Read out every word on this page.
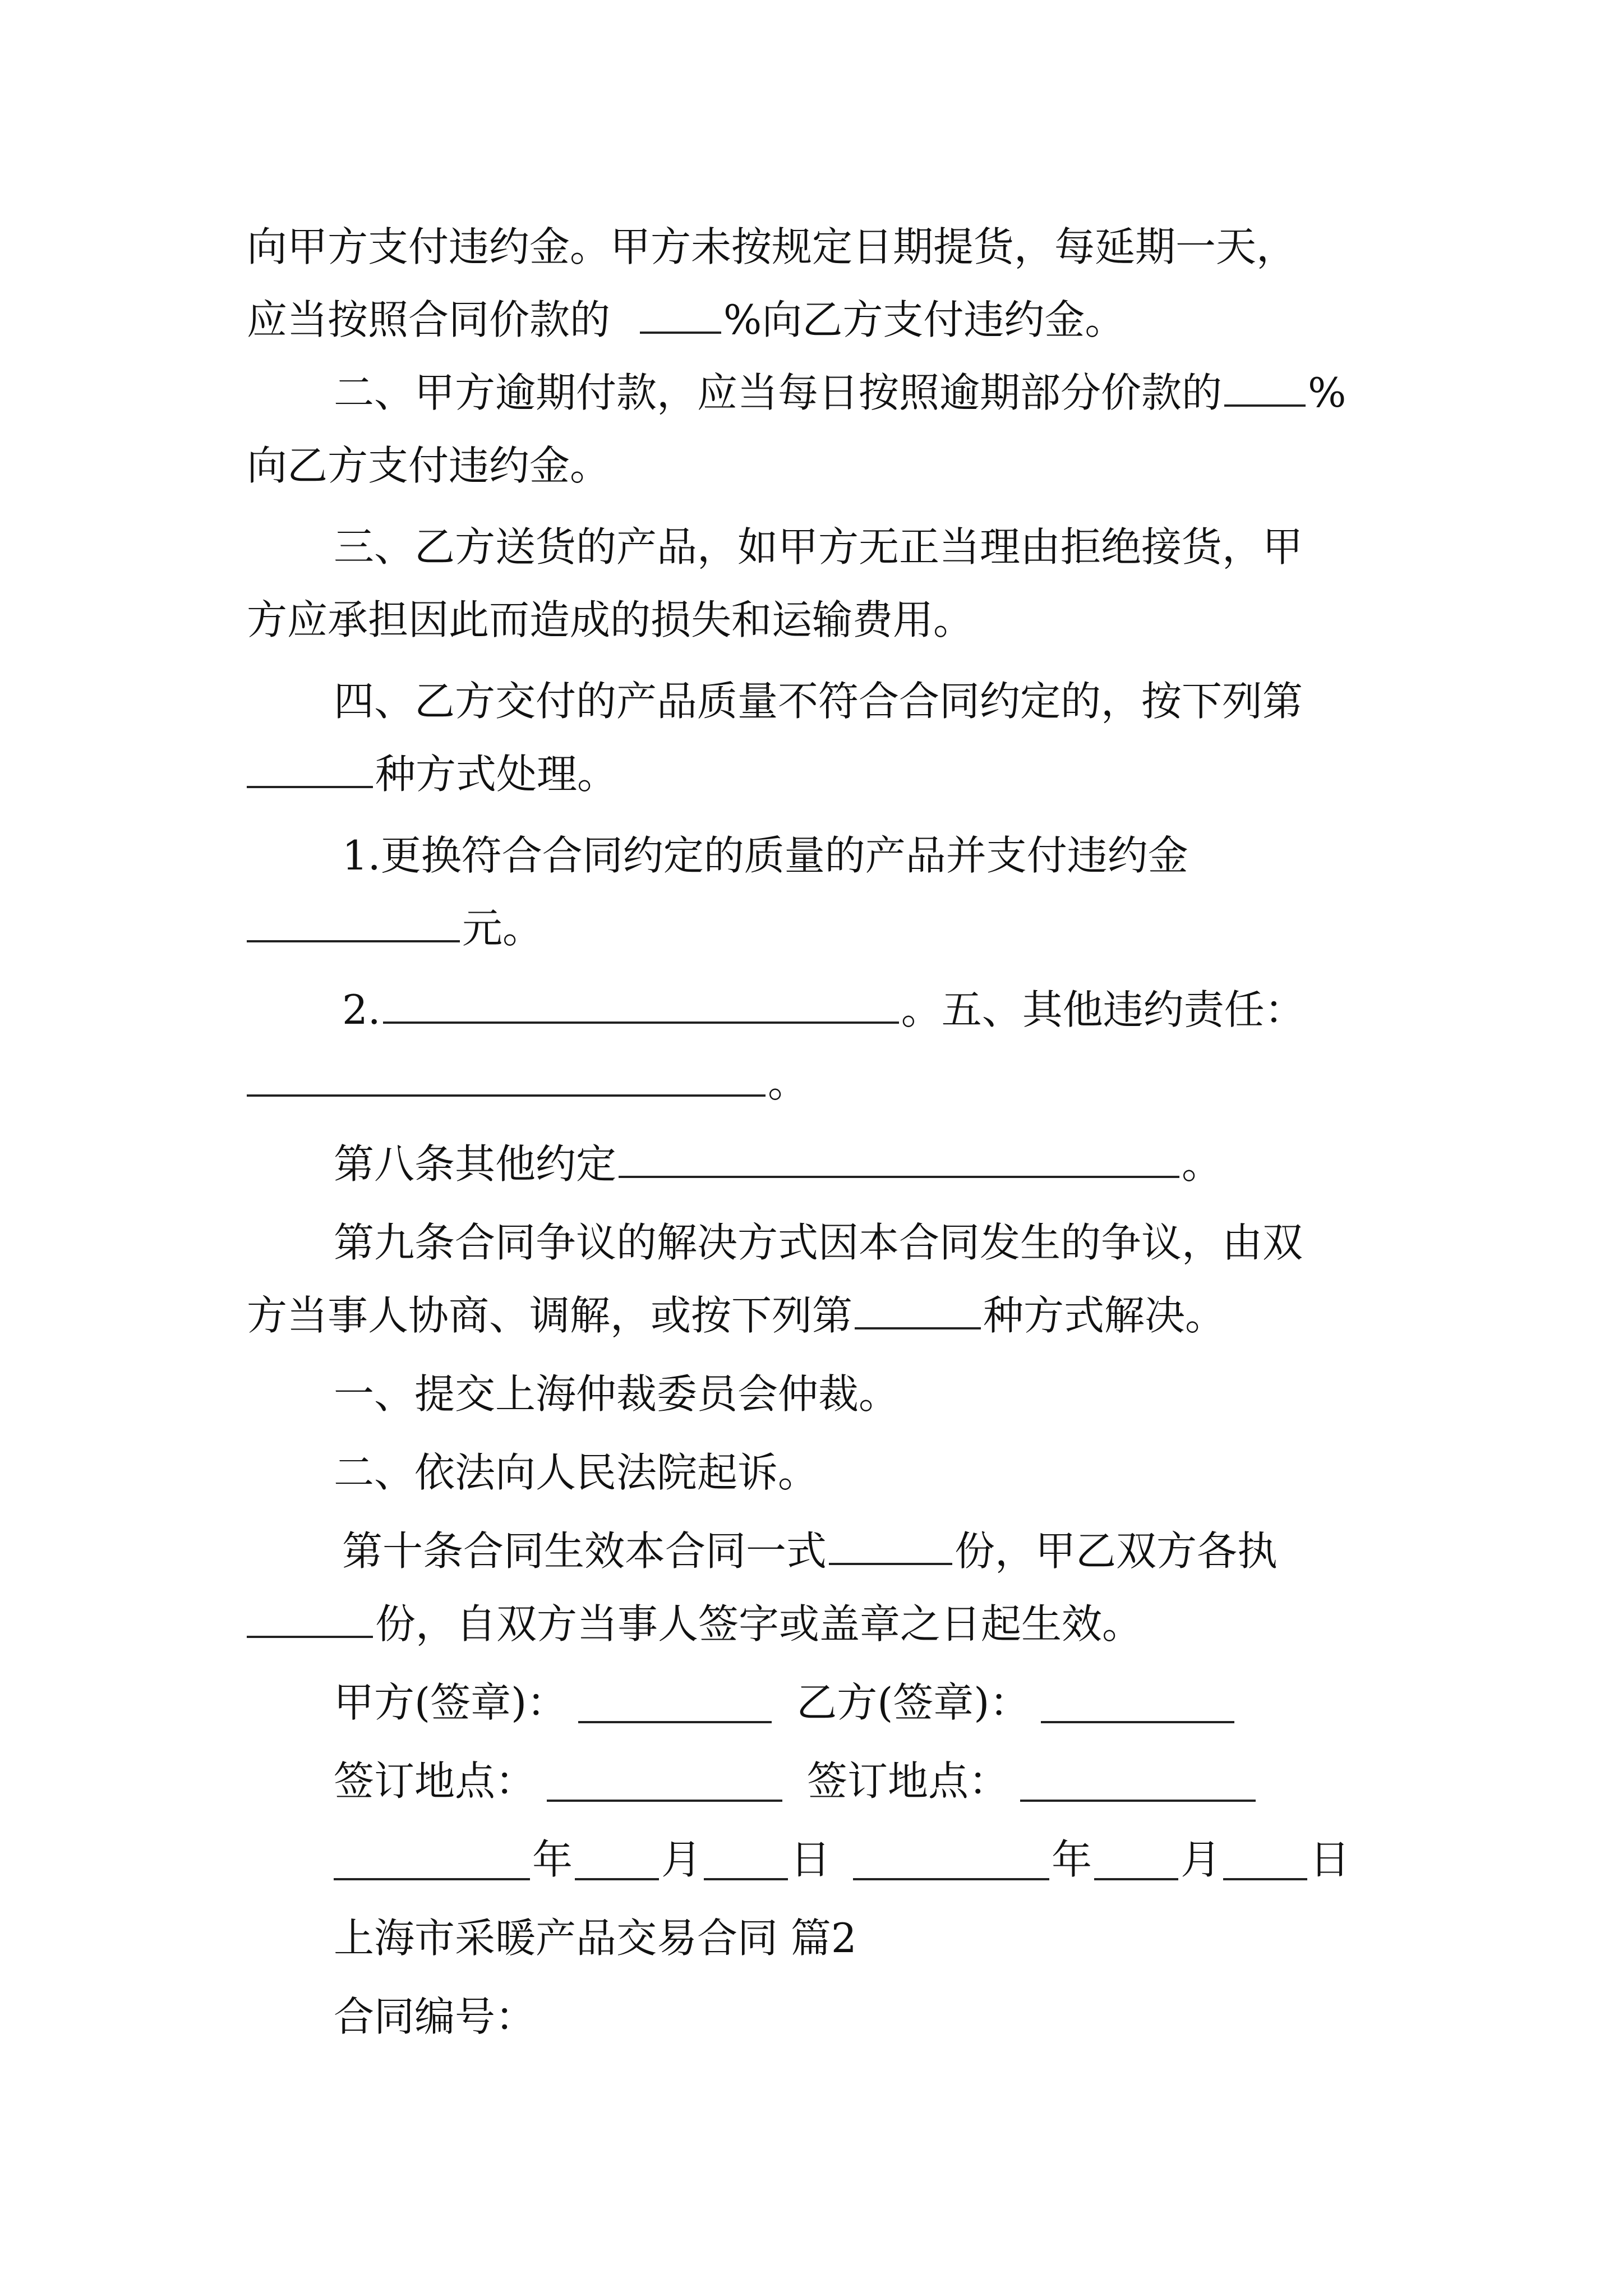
向甲方支付违约金。甲方未按规定日期提货，每延期一天，
应当按照合同价款的	%向乙方支付违约金。
二、甲方逾期付款，应当每日按照逾期部分价款的 %
向乙方支付违约金。
三、乙方送货的产品，如甲方无正当理由拒绝接货，甲
方应承担因此而造成的损失和运输费用。
四、乙方交付的产品质量不符合合同约定的，按下列第
种方式处理。
1.更换符合合同约定的质量的产品并支付违约金
元。
2.	。五、其他违约责任：
。
第八条其他约定	。
第九条合同争议的解决方式因本合同发生的争议，由双
方当事人协商、调解，或按下列第	种方式解决。
一、提交上海仲裁委员会仲裁。
二、依法向人民法院起诉。
第十条合同生效本合同一式	份，甲乙双方各执
份，自双方当事人签字或盖章之日起生效。
甲方(签章)：	乙方(签章)：
签订地点：	签订地点：
年 月 日	年 月 日
上海市采暖产品交易合同 篇2
合同编号：
